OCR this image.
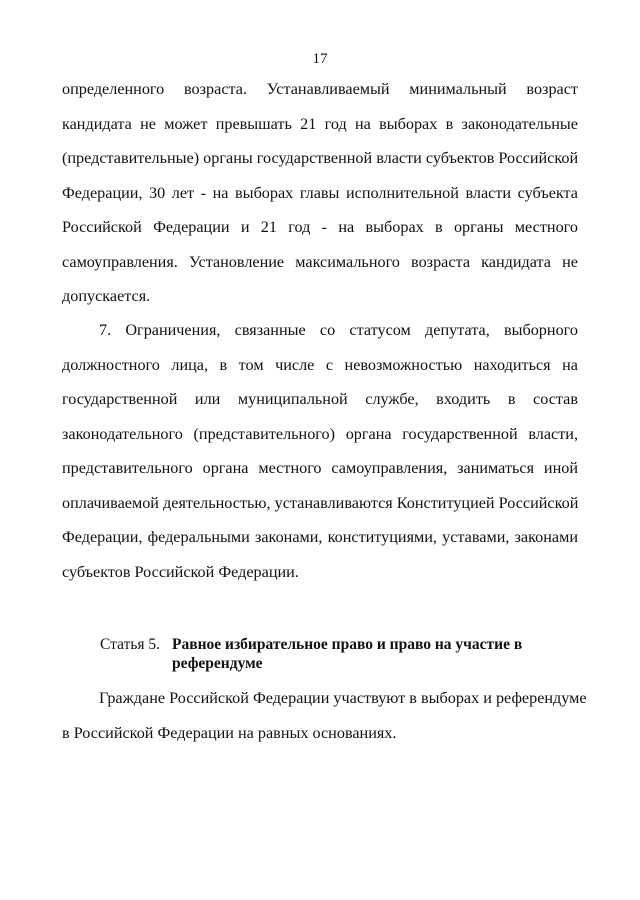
17
определенного возраста. Устанавливаемый минимальный возраст
кандидата не может превышать 21 год на выборах в законодательные
(представительные) органы государственной власти субъектов Российской
Федерации, 30 лет - на выборах главы исполнительной власти субъекта
Российской Федерации и 21 год - на выборах в органы местного
самоуправления. Установление максимального возраста кандидата не
допускается.
7. Ограничения, связанные со статусом депутата, выборного
должностного лица, в том числе с невозможностью находиться на
государственной или муниципальной службе, входить в состав
законодательного (представительного) органа государственной власти,
представительного органа местного самоуправления, заниматься иной
оплачиваемой деятельностью, устанавливаются Конституцией Российской
Федерации, федеральными законами, конституциями, уставами, законами
субъектов Российской Федерации.
Статья 5. Равное избирательное право и право на участие в референдуме
Граждане Российской Федерации участвуют в выборах и референдуме
в Российской Федерации на равных основаниях.
